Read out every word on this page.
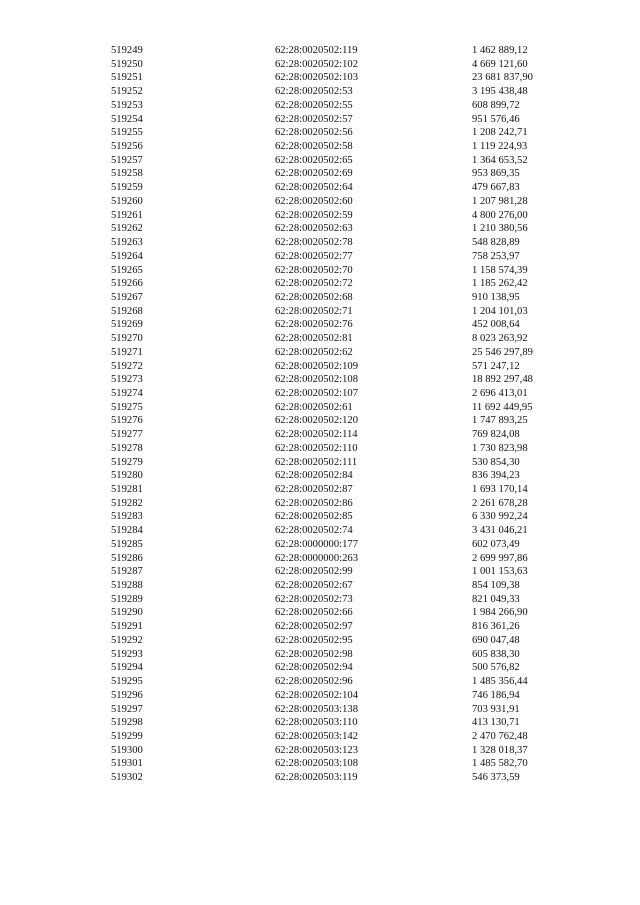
519249	62:28:0020502:119	1 462 889,12
519250	62:28:0020502:102	4 669 121,60
519251	62:28:0020502:103	23 681 837,90
519252	62:28:0020502:53	3 195 438,48
519253	62:28:0020502:55	608 899,72
519254	62:28:0020502:57	951 576,46
519255	62:28:0020502:56	1 208 242,71
519256	62:28:0020502:58	1 119 224,93
519257	62:28:0020502:65	1 364 653,52
519258	62:28:0020502:69	953 869,35
519259	62:28:0020502:64	479 667,83
519260	62:28:0020502:60	1 207 981,28
519261	62:28:0020502:59	4 800 276,00
519262	62:28:0020502:63	1 210 380,56
519263	62:28:0020502:78	548 828,89
519264	62:28:0020502:77	758 253,97
519265	62:28:0020502:70	1 158 574,39
519266	62:28:0020502:72	1 185 262,42
519267	62:28:0020502:68	910 138,95
519268	62:28:0020502:71	1 204 101,03
519269	62:28:0020502:76	452 008,64
519270	62:28:0020502:81	8 023 263,92
519271	62:28:0020502:62	25 546 297,89
519272	62:28:0020502:109	571 247,12
519273	62:28:0020502:108	18 892 297,48
519274	62:28:0020502:107	2 696 413,01
519275	62:28:0020502:61	11 692 449,95
519276	62:28:0020502:120	1 747 893,25
519277	62:28:0020502:114	769 824,08
519278	62:28:0020502:110	1 730 823,98
519279	62:28:0020502:111	530 854,30
519280	62:28:0020502:84	836 394,23
519281	62:28:0020502:87	1 693 170,14
519282	62:28:0020502:86	2 261 678,28
519283	62:28:0020502:85	6 330 992,24
519284	62:28:0020502:74	3 431 046,21
519285	62:28:0000000:177	602 073,49
519286	62:28:0000000:263	2 699 997,86
519287	62:28:0020502:99	1 001 153,63
519288	62:28:0020502:67	854 109,38
519289	62:28:0020502:73	821 049,33
519290	62:28:0020502:66	1 984 266,90
519291	62:28:0020502:97	816 361,26
519292	62:28:0020502:95	690 047,48
519293	62:28:0020502:98	605 838,30
519294	62:28:0020502:94	500 576,82
519295	62:28:0020502:96	1 485 356,44
519296	62:28:0020502:104	746 186,94
519297	62:28:0020503:138	703 931,91
519298	62:28:0020503:110	413 130,71
519299	62:28:0020503:142	2 470 762,48
519300	62:28:0020503:123	1 328 018,37
519301	62:28:0020503:108	1 485 582,70
519302	62:28:0020503:119	546 373,59
